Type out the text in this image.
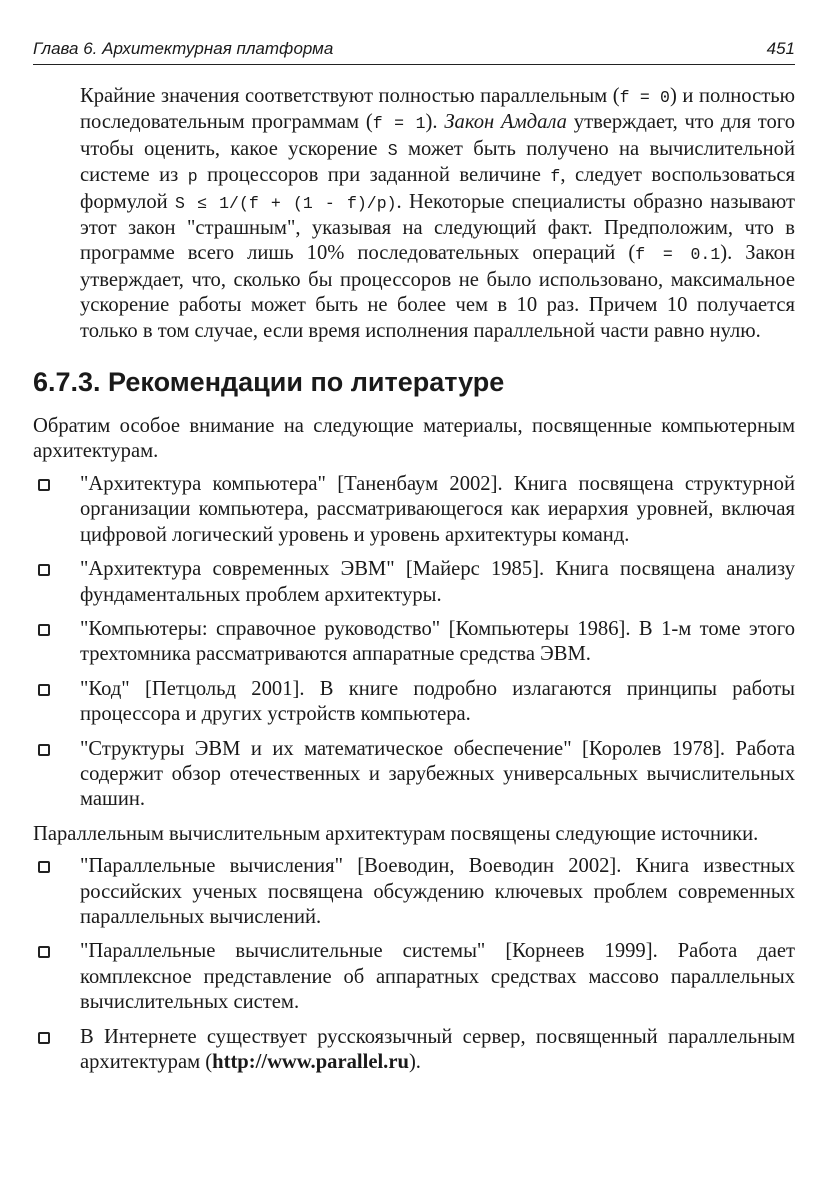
Глава 6. Архитектурная платформа	451

Крайние значения соответствуют полностью параллельным (f = 0) и полностью последовательным программам (f = 1). Закон Амдала утверждает, что для того чтобы оценить, какое ускорение S может быть получено на вычислительной системе из p процессоров при заданной величине f, следует воспользоваться формулой S ≤ 1/(f + (1 - f)/p). Некоторые специалисты образно называют этот закон "страшным", указывая на следующий факт. Предположим, что в программе всего лишь 10% последовательных операций (f = 0.1). Закон утверждает, что, сколько бы процессоров не было использовано, максимальное ускорение работы может быть не более чем в 10 раз. Причем 10 получается только в том случае, если время исполнения параллельной части равно нулю.

6.7.3. Рекомендации по литературе

Обратим особое внимание на следующие материалы, посвященные компьютерным архитектурам.

"Архитектура компьютера" [Таненбаум 2002]. Книга посвящена структурной организации компьютера, рассматривающегося как иерархия уровней, включая цифровой логический уровень и уровень архитектуры команд.

"Архитектура современных ЭВМ" [Майерс 1985]. Книга посвящена анализу фундаментальных проблем архитектуры.

"Компьютеры: справочное руководство" [Компьютеры 1986]. В 1-м томе этого трехтомника рассматриваются аппаратные средства ЭВМ.

"Код" [Петцольд 2001]. В книге подробно излагаются принципы работы процессора и других устройств компьютера.

"Структуры ЭВМ и их математическое обеспечение" [Королев 1978]. Работа содержит обзор отечественных и зарубежных универсальных вычислительных машин.

Параллельным вычислительным архитектурам посвящены следующие источники.

"Параллельные вычисления" [Воеводин, Воеводин 2002]. Книга известных российских ученых посвящена обсуждению ключевых проблем современных параллельных вычислений.

"Параллельные вычислительные системы" [Корнеев 1999]. Работа дает комплексное представление об аппаратных средствах массово параллельных вычислительных систем.

В Интернете существует русскоязычный сервер, посвященный параллельным архитектурам (http://www.parallel.ru).
